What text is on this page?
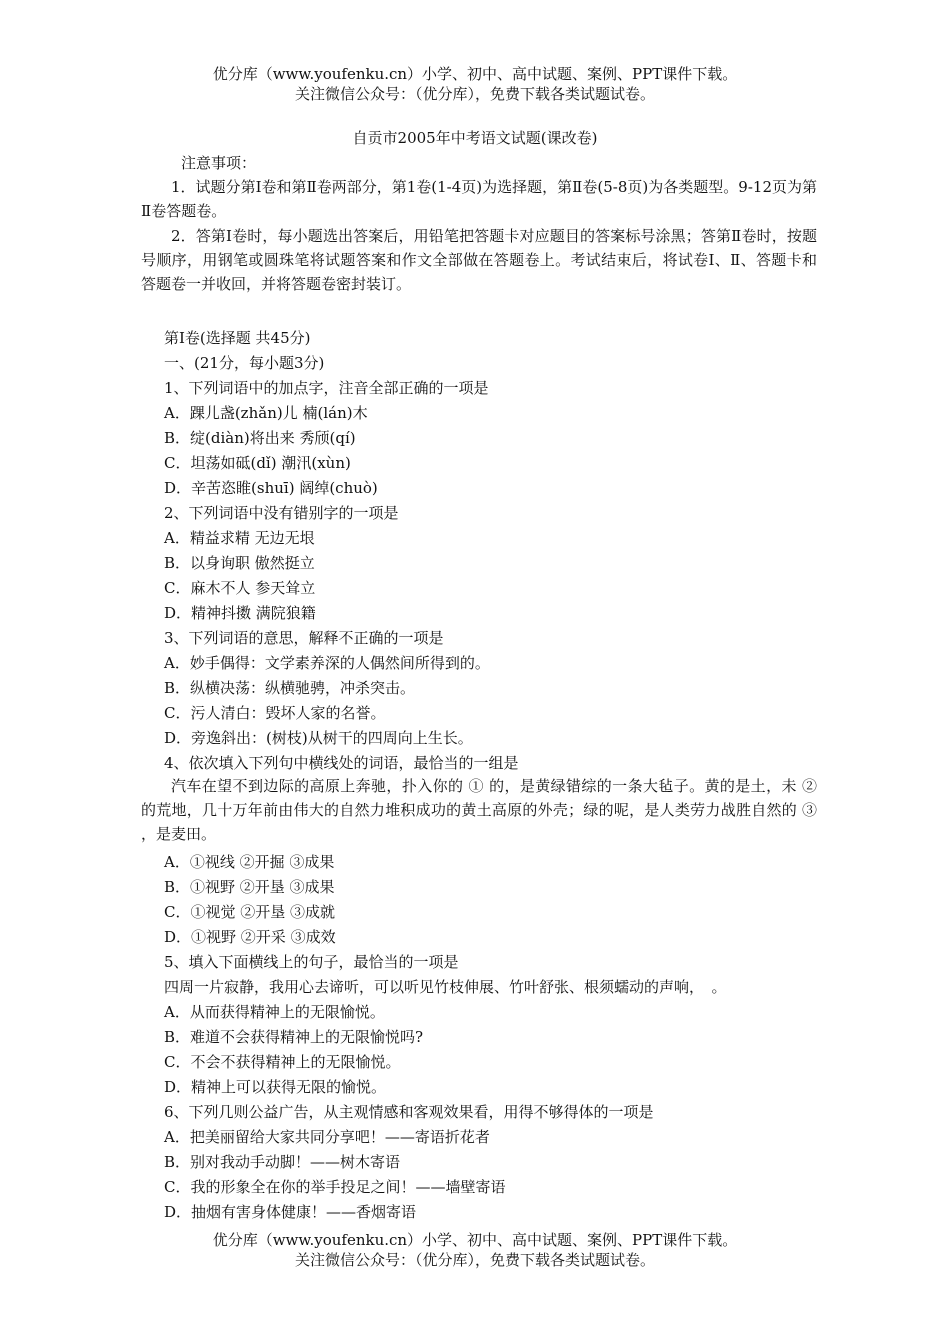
优分库（www.youfenku.cn）小学、初中、高中试题、案例、PPT课件下载。
关注微信公众号：（优分库），免费下载各类试题试卷。
自贡市2005年中考语文试题(课改卷)
注意事项：
1．试题分第Ⅰ卷和第Ⅱ卷两部分，第1卷(1-4页)为选择题，第Ⅱ卷(5-8页)为各类题型。9-12页为第Ⅱ卷答题卷。
2．答第Ⅰ卷时，每小题选出答案后，用铅笔把答题卡对应题目的答案标号涂黑；答第Ⅱ卷时，按题号顺序，用钢笔或圆珠笔将试题答案和作文全部做在答题卷上。考试结束后，将试卷Ⅰ、Ⅱ、答题卡和答题卷一并收回，并将答题卷密封装订。
第Ⅰ卷(选择题 共45分)
一、(21分，每小题3分)
1、下列词语中的加点字，注音全部正确的一项是
A．踝儿盏(zhǎn)儿 楠(lán)木
B．绽(diàn)将出来 秀颀(qí)
C．坦荡如砥(dǐ) 潮汛(xùn)
D．辛苦恣睢(shuī) 阔绰(chuò)
2、下列词语中没有错别字的一项是
A．精益求精 无边无垠
B．以身询职 傲然挺立
C．麻木不人 参天耸立
D．精神抖擞 满院狼籍
3、下列词语的意思，解释不正确的一项是
A．妙手偶得：文学素养深的人偶然间所得到的。
B．纵横决荡：纵横驰骋，冲杀突击。
C．污人清白：毁坏人家的名誉。
D．旁逸斜出：(树枝)从树干的四周向上生长。
4、依次填入下列句中横线处的词语，最恰当的一组是
汽车在望不到边际的高原上奔驰，扑入你的 ① 的，是黄绿错综的一条大毡子。黄的是土，未 ② 的荒地，几十万年前由伟大的自然力堆积成功的黄土高原的外壳；绿的呢，是人类劳力战胜自然的 ③ ，是麦田。
A．①视线 ②开掘 ③成果
B．①视野 ②开垦 ③成果
C．①视觉 ②开垦 ③成就
D．①视野 ②开采 ③成效
5、填入下面横线上的句子，最恰当的一项是
四周一片寂静，我用心去谛听，可以听见竹枝伸展、竹叶舒张、根须蠕动的声响，　。
A．从而获得精神上的无限愉悦。
B．难道不会获得精神上的无限愉悦吗?
C．不会不获得精神上的无限愉悦。
D．精神上可以获得无限的愉悦。
6、下列几则公益广告，从主观情感和客观效果看，用得不够得体的一项是
A．把美丽留给大家共同分享吧！——寄语折花者
B．别对我动手动脚！——树木寄语
C．我的形象全在你的举手投足之间！——墙壁寄语
D．抽烟有害身体健康！——香烟寄语
优分库（www.youfenku.cn）小学、初中、高中试题、案例、PPT课件下载。
关注微信公众号：（优分库），免费下载各类试题试卷。
